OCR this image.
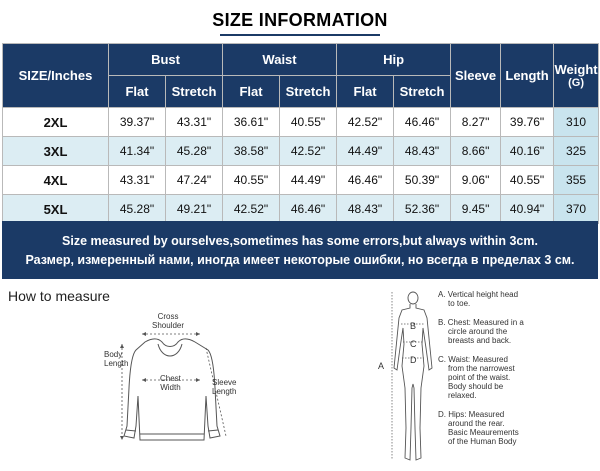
SIZE INFORMATION
SIZE/Inches	Bust		Waist		Hip		Sleeve	Length	Weight
(G)

	Flat	Stretch	Flat	Stretch	Flat	Stretch			
2XL	39.37"	43.31"	36.61"	40.55"	42.52"	46.46"	8.27"	39.76"	310
3XL	41.34"	45.28"	38.58"	42.52"	44.49"	48.43"	8.66"	40.16"	325
4XL	43.31"	47.24"	40.55"	44.49"	46.46"	50.39"	9.06"	40.55"	355
5XL	45.28"	49.21"	42.52"	46.46"	48.43"	52.36"	9.45"	40.94"	370
Size measured by ourselves,sometimes has some errors,but always within 3cm.
Размер, измеренный нами, иногда имеет некоторые ошибки, но всегда в пределах 3 см.
How to measure
Cross
Shoulder
Body
Length
Chest
Width
Sleeve
Length
A
B
C
D
A. Vertical height head
to toe.
B. Chest: Measured in a
circle around the
breasts and back.
C. Waist: Measured
from the narrowest
point of the waist.
Body should be
relaxed.
D. Hips: Measured
around the rear.
Basic Meaurements
of the Human Body
